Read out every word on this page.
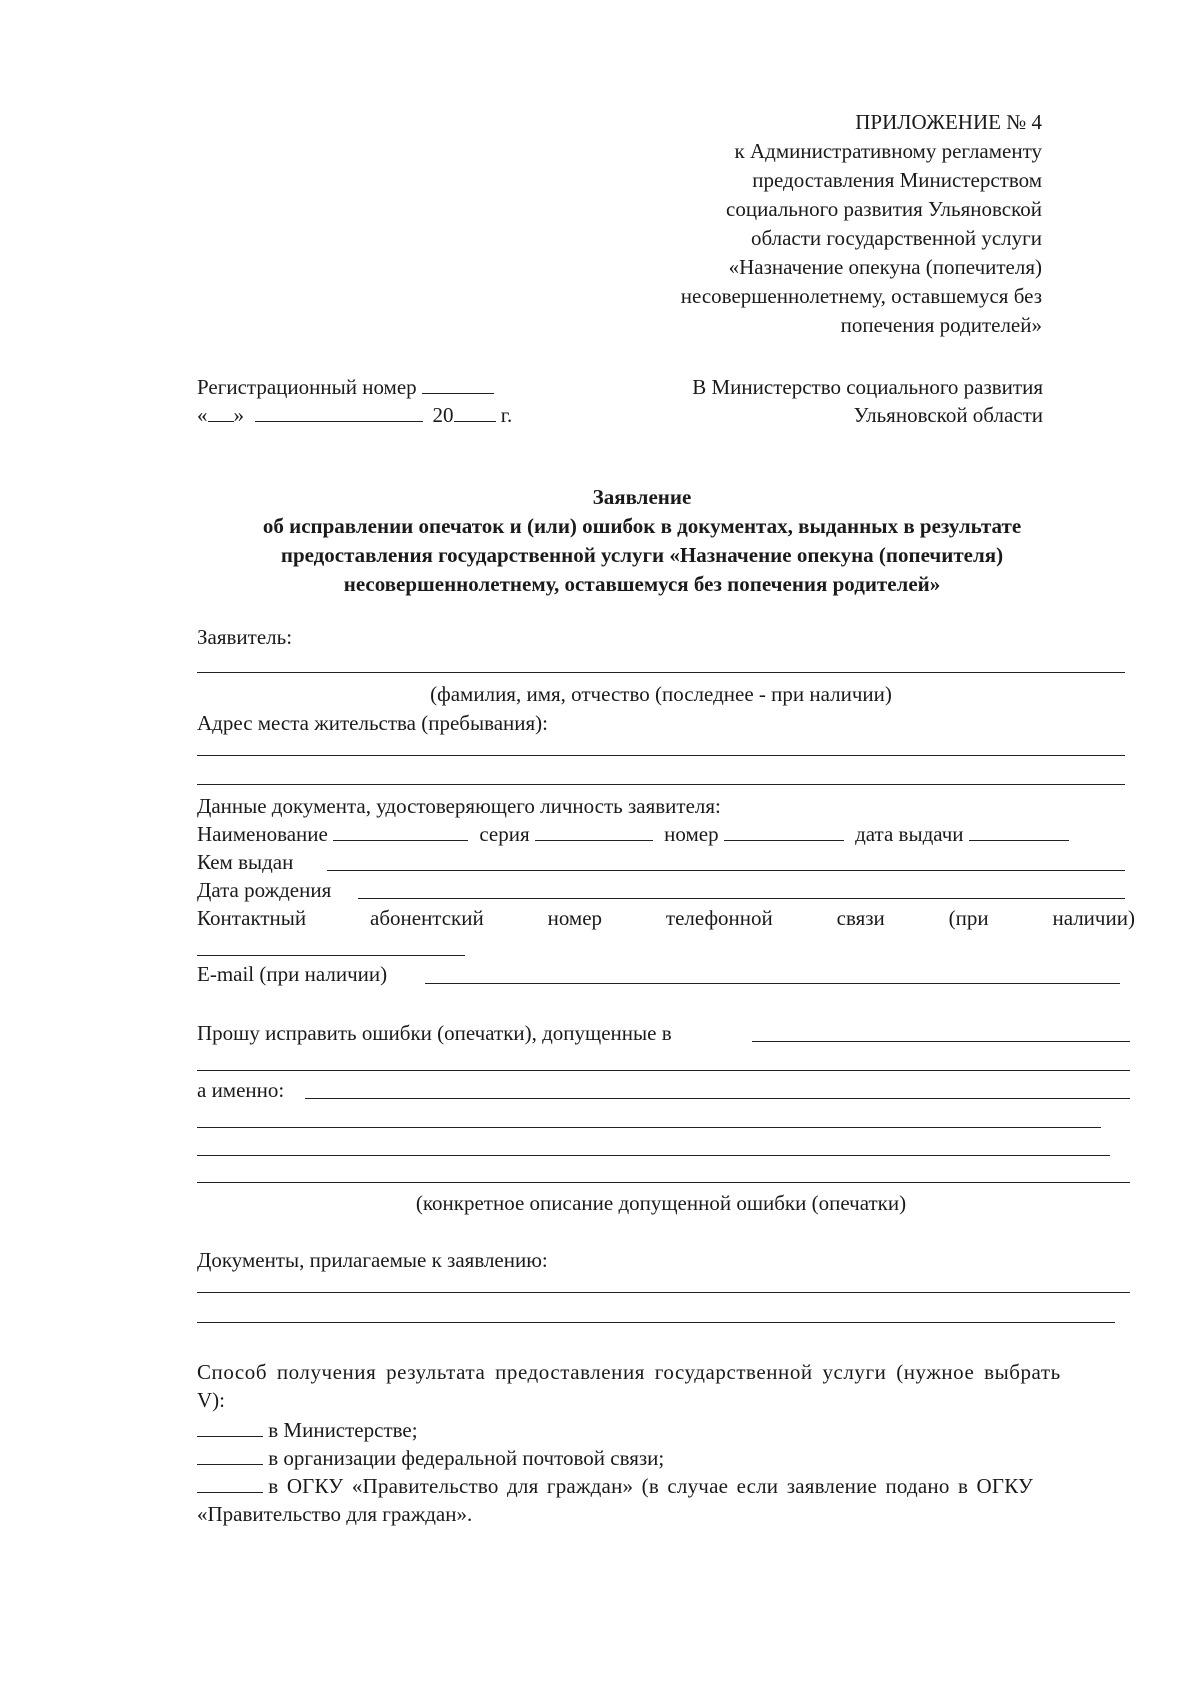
ПРИЛОЖЕНИЕ № 4
к Административному регламенту
предоставления Министерством
социального развития Ульяновской
области государственной услуги
«Назначение опекуна (попечителя)
несовершеннолетнему, оставшемуся без
попечения родителей»
Регистрационный номер
« »	20 г.
В Министерство социального развития
Ульяновской области
Заявление
об исправлении опечаток и (или) ошибок в документах, выданных в результате
предоставления государственной услуги «Назначение опекуна (попечителя)
несовершеннолетнему, оставшемуся без попечения родителей»
Заявитель:
(фамилия, имя, отчество (последнее - при наличии)
Адрес места жительства (пребывания):
Данные документа, удостоверяющего личность заявителя:
Наименование	серия	номер	дата выдачи
Кем выдан
Дата рождения
Контактный	абонентский	номер	телефонной	связи	(при	наличии)
E-mail (при наличии)
Прошу исправить ошибки (опечатки), допущенные в
а именно:
(конкретное описание допущенной ошибки (опечатки)
Документы, прилагаемые к заявлению:
Способ получения результата предоставления государственной услуги (нужное выбрать
V):
в Министерстве;
в организации федеральной почтовой связи;
в ОГКУ «Правительство для граждан» (в случае если заявление подано в ОГКУ
«Правительство для граждан».
